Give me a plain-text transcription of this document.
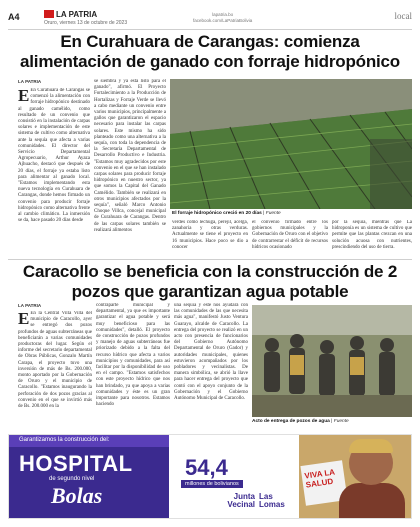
A4	LA PATRIA
Oruro, viernes 13 de octubre de 2023
lapatria.bo
facebook.com/LaPatriaBolivia	local
En Curahuara de Carangas: comienza alimentación de ganado con forraje hidropónico
LA PATRIA
E En Curahuara de Carangas se comenzó la alimentación con forraje hidropónico destinado al ganado camélido, como resultado de un convenio que consistió en la instalación de carpas solares e implementación de este sistema de cultivo como alternativa ante la sequía que afecta a varias comunidades. El director del Servicio Departamental Agropecuario, Arthur Ayaza Ajhuacho, destacó que después de 20 días, el forraje ya estaba listo para alimentar al ganado local. "Estamos implementando esta nueva tecnología en Curahuara de Carangas, donde hemos firmado un convenio para producir forraje hidropónico como alternativa frente al cambio climático. La inmersión se da, hace pasado 20 días desde
se siembra y ya está listo para el ganado", afirmó. El Proyecto Fortalecimiento a la Producción de Hortalizas y Forraje Verde se llevó a cabo mediante un convenio entre varios municipios, principalmente a gallos que garantizaron el espacio necesario para instalar las carpas solares. Este mismo ha sido planteado como una alternativa a la sequía, con toda la dependencia de la Secretaría Departamental de Desarrollo Productivo e Industria. "Estamos muy agradecidos por este convenio en el que se han instalado carpas solares para producir forraje hidropónico en nuestro sector, ya que somos la Capital del Ganado Camélido. También se realizará en otros municipios afectados por la sequía", señaló Marco Antonio Choque Villca, concejal municipal de Curahuara de Carangas. Dentro de las carpas solares también se realizará alimentos
El forraje hidropónico creció en 20 días | Fuente
verdes como lechuga, perejil, acelga, zanahoria y otras verduras. Actualmente se tiene el proyecto en 16 municipios. Hace poco se dio a conocer
el convenio firmado entre los gobiernos municipales y la Gobernación de Oruro con el objetivo de contrarrestar el déficit de recursos hídricos ocasionado
por la sequía, mientras que La hidroponía es un sistema de cultivo que permite que las plantas crezcan en una solución acuosa con nutrientes, prescindiendo del uso de tierra.
Caracollo se beneficia con la construcción de 2 pozos que garantizan agua potable
LA PATRIA
E En la Central Villa Villa del municipio de Caracollo, ayer se entregó dos pozos profundos de aguas subterráneas que beneficiarán a varias comunidades productoras del lugar. Según el informe del secretario departamental de Obras Públicas, Gonzalo Martín Carapa, el proyecto tuvo una inversión de más de Bs. 200.000, monto aportado por la Gobernación de Oruro y el municipio de Caracollo. "Estamos inaugurando la perforación de dos pozos gracias al convenio en el que se invirtió más de Bs. 200.000 en la
contraparte municipal y departamental, ya que es importante garantizar el agua potable y será muy beneficioso para las comunidades", detalló. El proyecto de construcción de pozos profundos y manejo de aguas subterráneas fue priorizado debido a la falta del recurso hídrico que afecta a varios municipios y comunidades, para así facilitar por la disponibilidad de uso en el campo. "Estamos satisfechos con este proyecto hídrico que nos han brindado, ya que apoya a varias comunidades y éste es un gran importante para nosotros. Estamos haciendo
una sequía y este nos ayudará con las comunidades de las que necesita más agua", manifestó Justo Ventura Guarayo, alcalde de Caracollo. La entrega del proyecto se realizó en un acto con presencia de funcionarios del Gobierno Autónomo Departamental de Oruro (Gador) y autoridades municipales, quienes estuvieron acompañados por los pobladores y vecinalistas. De manera simbólica, se abrió la llave para hacer entrega del proyecto que contó con el apoyo conjunto de la Gobernación y el Gobierno Autónomo Municipal de Caracollo.
Acto de entrega de pozos de agua | Fuente
Garantizamos la construcción del:
HOSPITAL
de segundo nivel
Bolas
54,4
millones de bolivianos
Junta Vecinal
Las Lomas
VIVA LA SALUD
